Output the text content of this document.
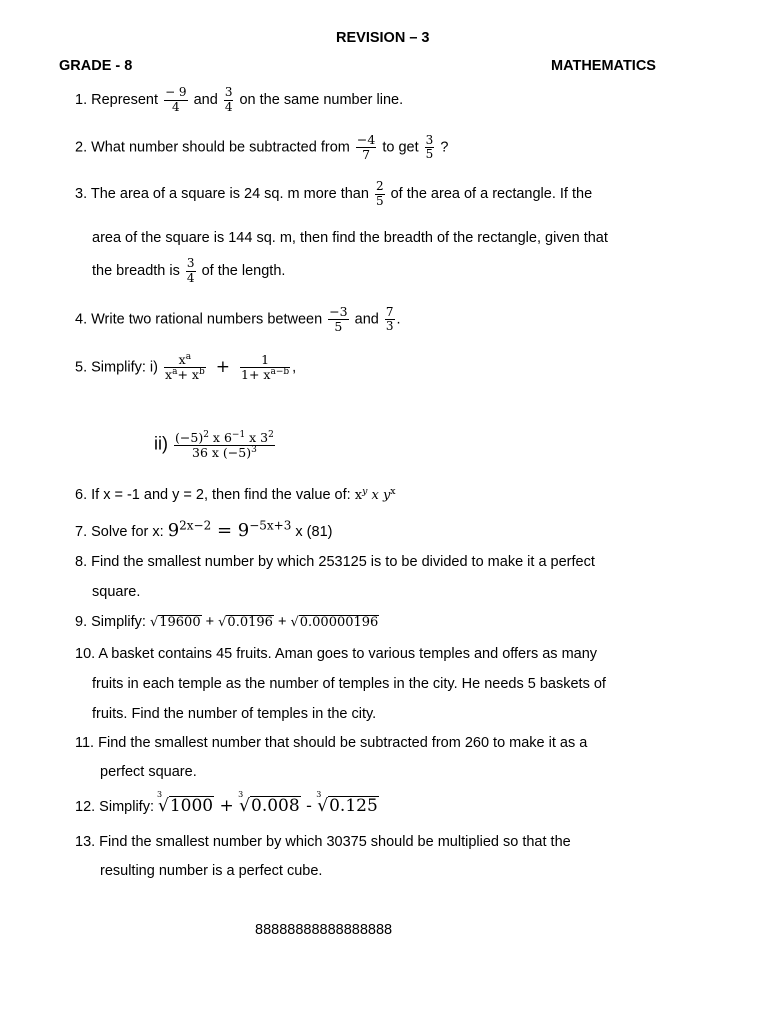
REVISION – 3
GRADE - 8	MATHEMATICS
1. Represent $\frac{- 9}{4}$ and $\frac{3}{4}$ on the same number line.
2. What number should be subtracted from $\frac{-4}{7}$ to get $\frac{3}{5}$ ?
3. The area of a square is 24 sq. m more than $\frac{2}{5}$ of the area of a rectangle. If the
area of the square is 144 sq. m, then find the breadth of the rectangle, given that
the breadth is $\frac{3}{4}$ of the length.
4. Write two rational numbers between $\frac{-3}{5}$ and $\frac{7}{3}$ .
5. Simplify: $i) \frac{x^a}{x^a+ x^b} + \frac{1}{1+ x^{a-b}}$ ,
$ii) \frac{(-5)^2 x 6^{-1} x 3^2}{36 x (-5)^3}$
6. If x = -1 and y = 2, then find the value of: $x^y$ x $y^x$
7. Solve for x: $9^{2x-2} = 9^{-5x+3}$ x (81)
8. Find the smallest number by which 253125 is to be divided to make it a perfect
square.
9. Simplify: √19600 + √0.0196 + √0.00000196
10. A basket contains 45 fruits. Aman goes to various temples and offers as many
fruits in each temple as the number of temples in the city. He needs 5 baskets of
fruits. Find the number of temples in the city.
11. Find the smallest number that should be subtracted from 260 to make it as a
perfect square.
12. Simplify:
3
√1000 +
3
√0.008 -
3
√0.125
13. Find the smallest number by which 30375 should be multiplied so that the
resulting number is a perfect cube.
88888888888888888
